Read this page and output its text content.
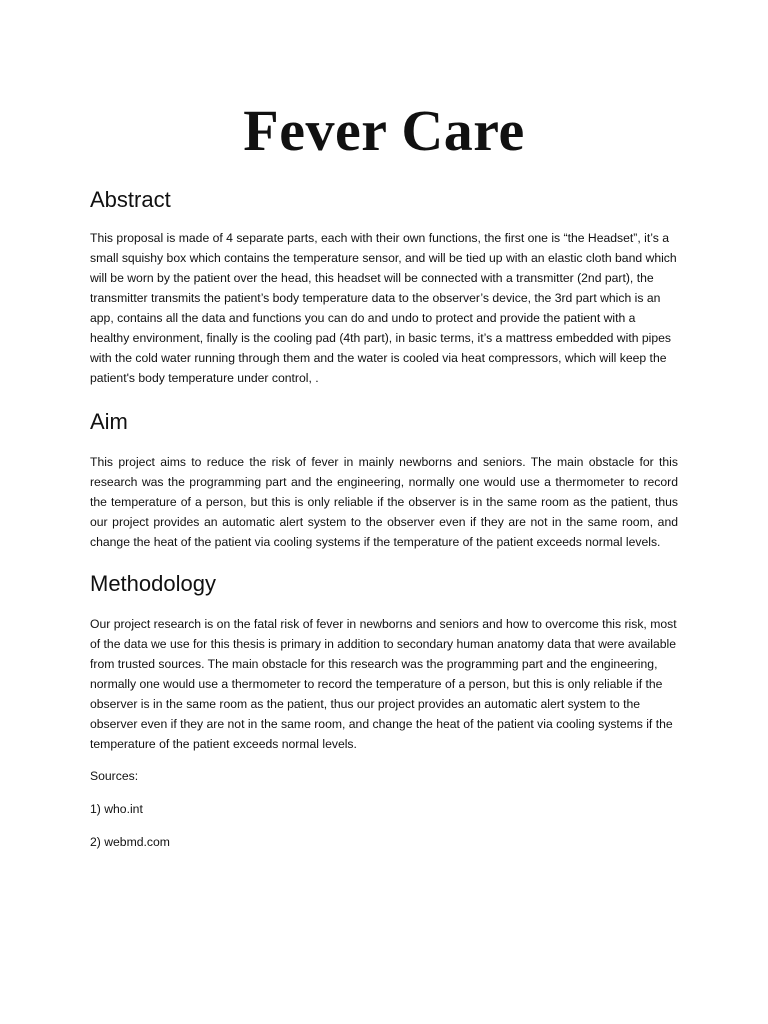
Fever Care
Abstract

This proposal is made of 4 separate parts, each with their own functions, the first one is “the Headset”, it’s a small squishy box which contains the temperature sensor, and will be tied up with an elastic cloth band which will be worn by the patient over the head, this headset will be connected with a transmitter (2nd part), the transmitter transmits the patient’s body temperature data to the observer’s device, the 3rd part which is an app, contains all the data and functions you can do and undo to protect and provide the patient with a healthy environment, finally is the cooling pad (4th part), in basic terms, it’s a mattress embedded with pipes with the cold water running through them and the water is cooled via heat compressors, which will keep the patient's body temperature under control, .

Aim

This project aims to reduce the risk of fever in mainly newborns and seniors. The main obstacle for this research was the programming part and the engineering, normally one would use a thermometer to record the temperature of a person, but this is only reliable if the observer is in the same room as the patient, thus our project provides an automatic alert system to the observer even if they are not in the same room, and change the heat of the patient via cooling systems if the temperature of the patient exceeds normal levels.

Methodology

Our project research is on the fatal risk of fever in newborns and seniors and how to overcome this risk, most of the data we use for this thesis is primary in addition to secondary human anatomy data that were available from trusted sources. The main obstacle for this research was the programming part and the engineering, normally one would use a thermometer to record the temperature of a person, but this is only reliable if the observer is in the same room as the patient, thus our project provides an automatic alert system to the observer even if they are not in the same room, and change the heat of the patient via cooling systems if the temperature of the patient exceeds normal levels.

Sources:

1) who.int

2) webmd.com
